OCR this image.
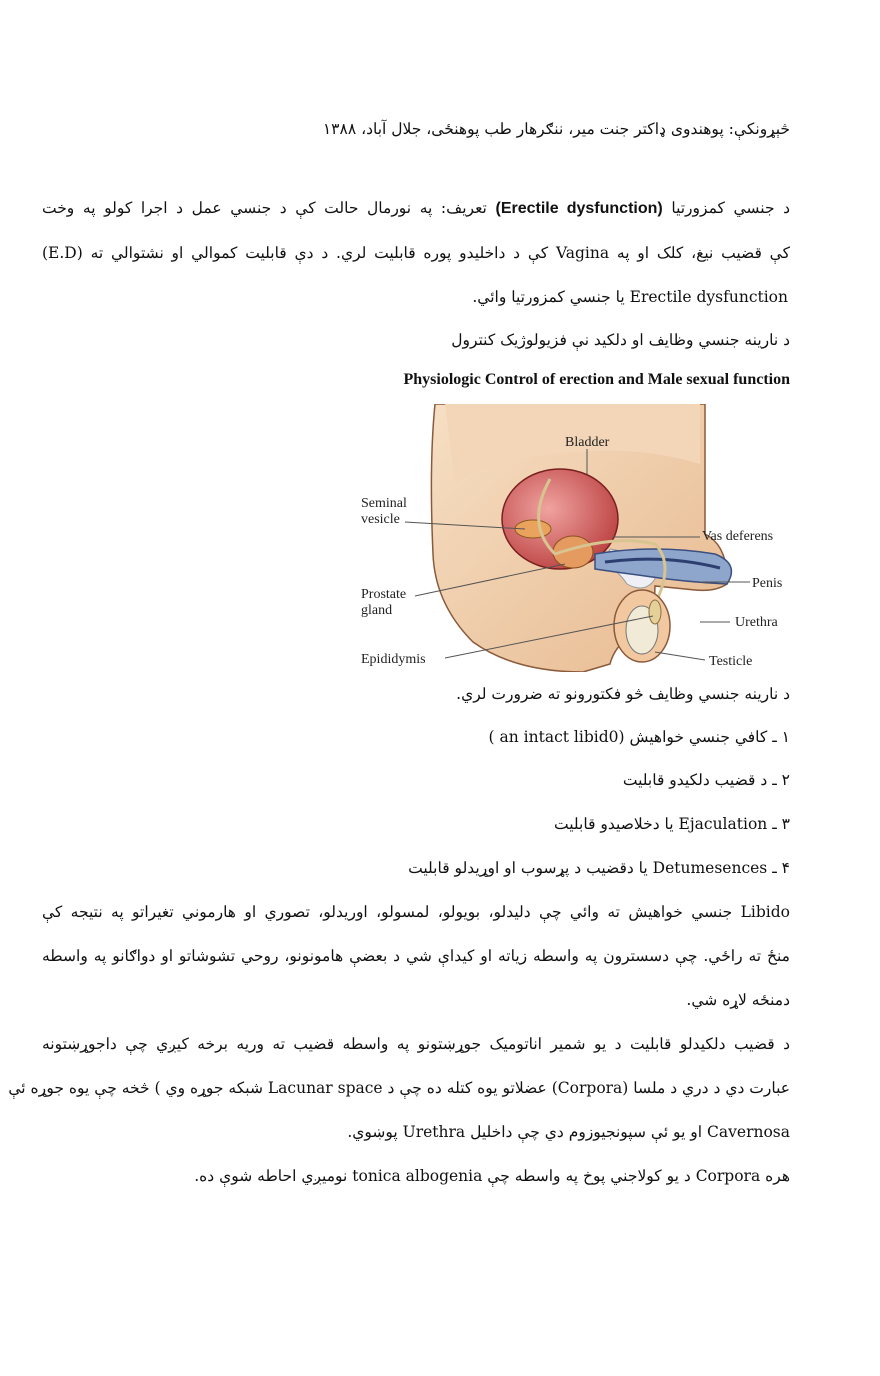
څېړونکې: پوهندوی ډاکتر جنت میر، ننګرهار طب پوهنځی، جلال آباد، ۱۳۸۸
د جنسي کمزورتیا (Erectile dysfunction) تعریف: په نورمال حالت کې د جنسي عمل د اجرا کولو په وخت
کې قضیب نیغ، کلک او په Vagina کې د داخلیدو پوره قابلیت لري. د دې قابلیت کموالي او نشتوالي ته (E.D)
Erectile dysfunction یا جنسي کمزورتیا وائي.
د نارینه جنسي وظایف او دلکید نې فزیولوژیک کنترول
Physiologic Control of erection and Male sexual function
Bladder
Seminal
vesicle
Vas deferens
Penis
Prostate
gland
Urethra
Epididymis	Testicle
د نارینه جنسي وظایف څو فکتورونو ته ضرورت لري.
۱ ـ کافي جنسي خواهیش ( an intact libid0)
۲ ـ د قضیب دلکیدو قابلیت
۳ ـ Ejaculation یا دخلاصیدو قابلیت
۴ ـ Detumesences یا دقضیب د پړسوب او اوړیدلو قابلیت
Libido جنسي خواهیش ته وائي چې دلیدلو، بویولو، لمسولو، اوریدلو، تصوري او هارموني تغیراتو په نتیجه کې
منځ ته راځي. چې دسسترون په واسطه زیاته او کیداې شي د بعضې هامونونو، روحي تشوشاتو او دواګانو په واسطه
دمنځه لاړه شي.
د قضیب دلکیدلو قابلیت د یو شمیر اناتومیک جوړښتونو په واسطه قضیب ته وریه برخه کیږي چې داجوړښتونه
عبارت دي د دري د ملسا (Corpora) عضلاتو یوه کتله ده چې د Lacunar space شبکه جوړه وي ) څخه چې یوه جوړه ئې
Cavernosa او یو ئې سپونجیوزوم دي چې داخلیل Urethra پوښوي.
هره Corpora د یو کولاجني پوخ په واسطه چې tonica albogenia نومیږي احاطه شوې ده.
